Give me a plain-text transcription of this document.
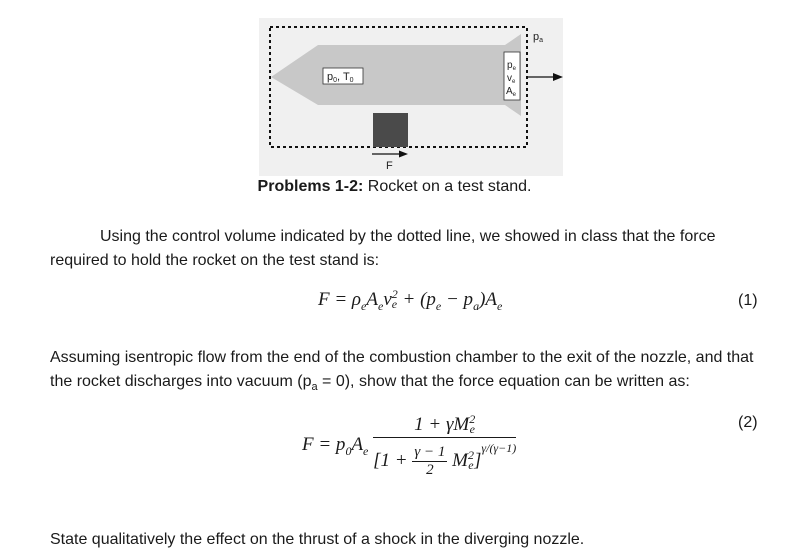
p0, T0
$p_e$
$v_e$
$A_e$
pa
F
Problems 1-2: Rocket on a test stand.
Using the control volume indicated by the dotted line, we showed in class that the force required to hold the rocket on the test stand is:
$F = \rho_eA_ev$ 2
$e + (p_e - p_a)A_e$	(1)
Assuming isentropic flow from the end of the combustion chamber to the exit of the nozzle, and that the rocket discharges into vacuum $(p_a = 0)$, show that the force equation can be written as:
$F = p_0A_e$ 1 + γM 2
e
[$1 + \frac{\gamma - 1}{2}$ M 2
e ]$^{\gamma/(\gamma-1)}$	(2)
State qualitatively the effect on the thrust of a shock in the diverging nozzle.
